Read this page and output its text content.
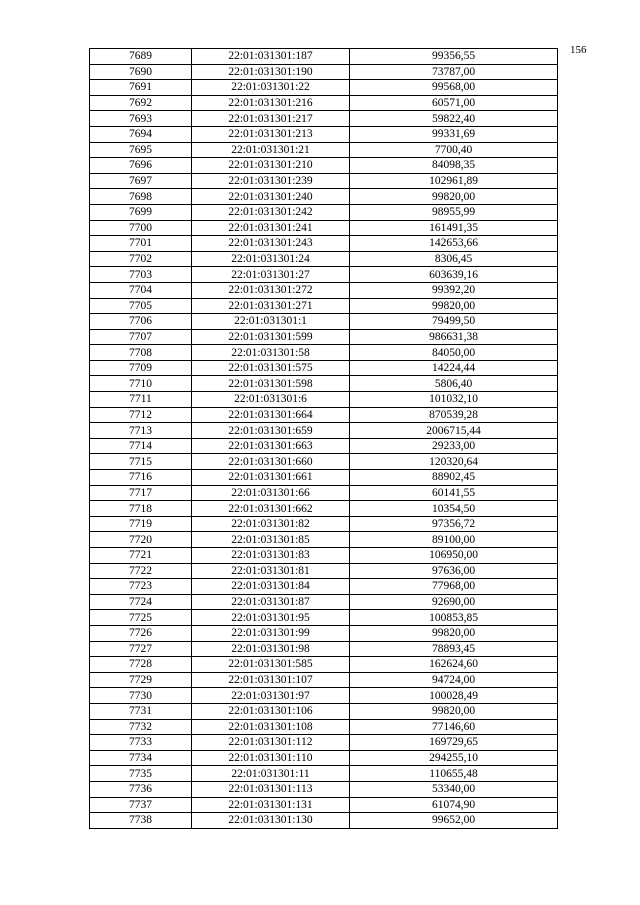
156
7689	22:01:031301:187	99356,55
7690	22:01:031301:190	73787,00
7691	22:01:031301:22	99568,00
7692	22:01:031301:216	60571,00
7693	22:01:031301:217	59822,40
7694	22:01:031301:213	99331,69
7695	22:01:031301:21	7700,40
7696	22:01:031301:210	84098,35
7697	22:01:031301:239	102961,89
7698	22:01:031301:240	99820,00
7699	22:01:031301:242	98955,99
7700	22:01:031301:241	161491,35
7701	22:01:031301:243	142653,66
7702	22:01:031301:24	8306,45
7703	22:01:031301:27	603639,16
7704	22:01:031301:272	99392,20
7705	22:01:031301:271	99820,00
7706	22:01:031301:1	79499,50
7707	22:01:031301:599	986631,38
7708	22:01:031301:58	84050,00
7709	22:01:031301:575	14224,44
7710	22:01:031301:598	5806,40
7711	22:01:031301:6	101032,10
7712	22:01:031301:664	870539,28
7713	22:01:031301:659	2006715,44
7714	22:01:031301:663	29233,00
7715	22:01:031301:660	120320,64
7716	22:01:031301:661	88902,45
7717	22:01:031301:66	60141,55
7718	22:01:031301:662	10354,50
7719	22:01:031301:82	97356,72
7720	22:01:031301:85	89100,00
7721	22:01:031301:83	106950,00
7722	22:01:031301:81	97636,00
7723	22:01:031301:84	77968,00
7724	22:01:031301:87	92690,00
7725	22:01:031301:95	100853,85
7726	22:01:031301:99	99820,00
7727	22:01:031301:98	78893,45
7728	22:01:031301:585	162624,60
7729	22:01:031301:107	94724,00
7730	22:01:031301:97	100028,49
7731	22:01:031301:106	99820,00
7732	22:01:031301:108	77146,60
7733	22:01:031301:112	169729,65
7734	22:01:031301:110	294255,10
7735	22:01:031301:11	110655,48
7736	22:01:031301:113	53340,00
7737	22:01:031301:131	61074,90
7738	22:01:031301:130	99652,00
